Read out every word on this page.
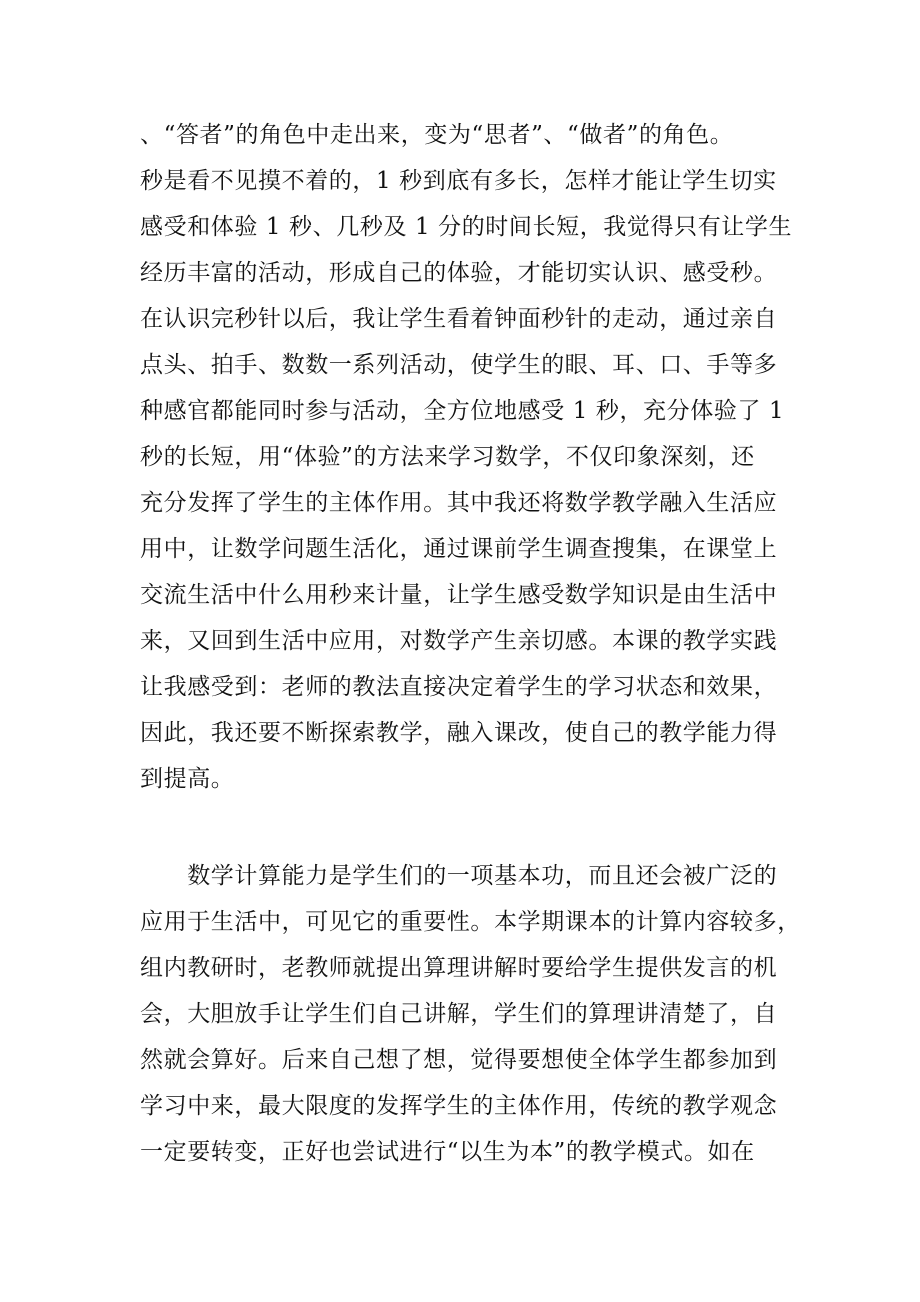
、“答者”的角色中走出来，变为“思者”、“做者”的角色。
秒是看不见摸不着的，1 秒到底有多长，怎样才能让学生切实
感受和体验 1 秒、几秒及 1 分的时间长短，我觉得只有让学生
经历丰富的活动，形成自己的体验，才能切实认识、感受秒。
在认识完秒针以后，我让学生看着钟面秒针的走动，通过亲自
点头、拍手、数数一系列活动，使学生的眼、耳、口、手等多
种感官都能同时参与活动，全方位地感受 1 秒，充分体验了 1
秒的长短，用“体验”的方法来学习数学，不仅印象深刻，还
充分发挥了学生的主体作用。其中我还将数学教学融入生活应
用中，让数学问题生活化，通过课前学生调查搜集，在课堂上
交流生活中什么用秒来计量，让学生感受数学知识是由生活中
来，又回到生活中应用，对数学产生亲切感。本课的教学实践
让我感受到：老师的教法直接决定着学生的学习状态和效果，
因此，我还要不断探索教学，融入课改，使自己的教学能力得
到提高。
　　数学计算能力是学生们的一项基本功，而且还会被广泛的
应用于生活中，可见它的重要性。本学期课本的计算内容较多，
组内教研时，老教师就提出算理讲解时要给学生提供发言的机
会，大胆放手让学生们自己讲解，学生们的算理讲清楚了，自
然就会算好。后来自己想了想，觉得要想使全体学生都参加到
学习中来，最大限度的发挥学生的主体作用，传统的教学观念
一定要转变，正好也尝试进行“以生为本”的教学模式。如在
